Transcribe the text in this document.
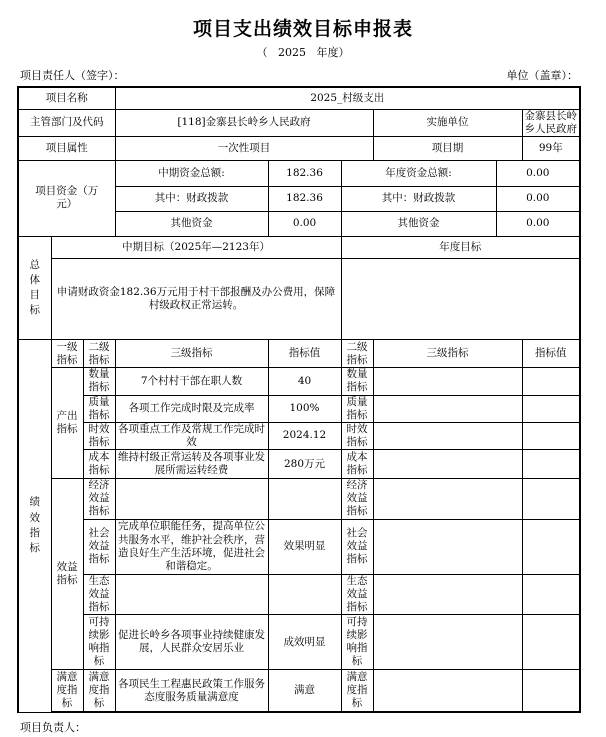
项目支出绩效目标申报表
（ 2025 年度）
项目责任人（签字）：	单位（盖章）：
项目名称			2025_村级支出					
主管部门及代码			[118]金寨县长岭乡人民政府			实施单位		金寨县长岭乡人民政府
项目属性			一次性项目			项目期		99年
项目资金（万元）			中期资金总额:	182.36	年度资金总额:		0.00	
			其中：财政拨款	182.36	其中：财政拨款		0.00	
			其他资金	0.00	其他资金		0.00	

总体目标	中期目标（2025年—2123年）				年度目标			
	申请财政资金182.36万元用于村干部报酬及办公费用，保障村级政权正常运转。							

绩效指标	一级指标	二级指标	三级指标	指标值	二级指标	三级指标		指标值
	产出指标	数量指标	7个村村干部在职人数	40	数量指标			
		质量指标	各项工作完成时限及完成率	100%	质量指标			
		时效指标	各项重点工作及常规工作完成时效	2024.12	时效指标			
		成本指标	维持村级正常运转及各项事业发展所需运转经费	280万元	成本指标			
	效益指标	经济效益指标			经济效益指标			
		社会效益指标	完成单位职能任务，提高单位公共服务水平，维护社会秩序，营造良好生产生活环境，促进社会和谐稳定。	效果明显	社会效益指标			
		生态效益指标			生态效益指标			
		可持续影响指标	促进长岭乡各项事业持续健康发展，人民群众安居乐业	成效明显	可持续影响指标			
	满意度指标	满意度指标	各项民生工程惠民政策工作服务态度服务质量满意度	满意	满意度指标			
项目负责人：
